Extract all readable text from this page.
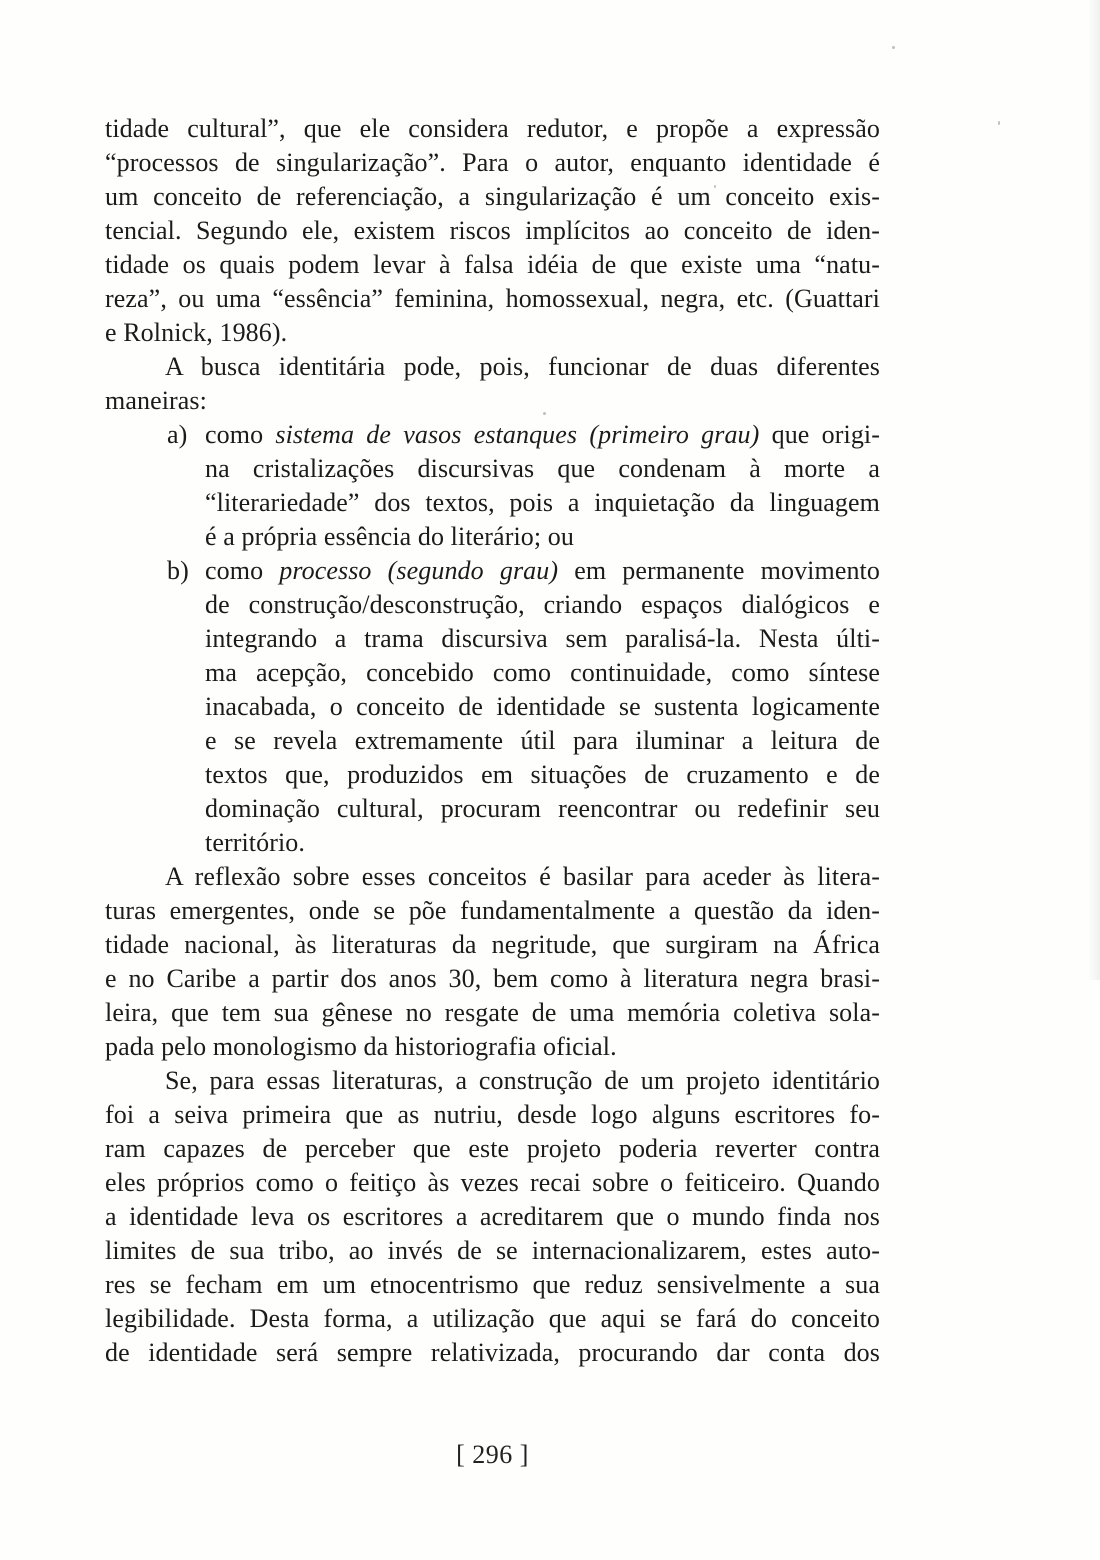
tidade cultural”, que ele considera redutor, e propõe a expressão
“processos de singularização”. Para o autor, enquanto identidade é
um conceito de referenciação, a singularização é um conceito exis-
tencial. Segundo ele, existem riscos implícitos ao conceito de iden-
tidade os quais podem levar à falsa idéia de que existe uma “natu-
reza”, ou uma “essência” feminina, homossexual, negra, etc. (Guattari
e Rolnick, 1986).
A busca identitária pode, pois, funcionar de duas diferentes
maneiras:
a) como sistema de vasos estanques (primeiro grau) que origi-
na cristalizações discursivas que condenam à morte a
“literariedade” dos textos, pois a inquietação da linguagem
é a própria essência do literário; ou
b) como processo (segundo grau) em permanente movimento
de construção/desconstrução, criando espaços dialógicos e
integrando a trama discursiva sem paralisá-la. Nesta últi-
ma acepção, concebido como continuidade, como síntese
inacabada, o conceito de identidade se sustenta logicamente
e se revela extremamente útil para iluminar a leitura de
textos que, produzidos em situações de cruzamento e de
dominação cultural, procuram reencontrar ou redefinir seu
território.
A reflexão sobre esses conceitos é basilar para aceder às litera-
turas emergentes, onde se põe fundamentalmente a questão da iden-
tidade nacional, às literaturas da negritude, que surgiram na África
e no Caribe a partir dos anos 30, bem como à literatura negra brasi-
leira, que tem sua gênese no resgate de uma memória coletiva sola-
pada pelo monologismo da historiografia oficial.
Se, para essas literaturas, a construção de um projeto identitário
foi a seiva primeira que as nutriu, desde logo alguns escritores fo-
ram capazes de perceber que este projeto poderia reverter contra
eles próprios como o feitiço às vezes recai sobre o feiticeiro. Quando
a identidade leva os escritores a acreditarem que o mundo finda nos
limites de sua tribo, ao invés de se internacionalizarem, estes auto-
res se fecham em um etnocentrismo que reduz sensivelmente a sua
legibilidade. Desta forma, a utilização que aqui se fará do conceito
de identidade será sempre relativizada, procurando dar conta dos
[ 296 ]
